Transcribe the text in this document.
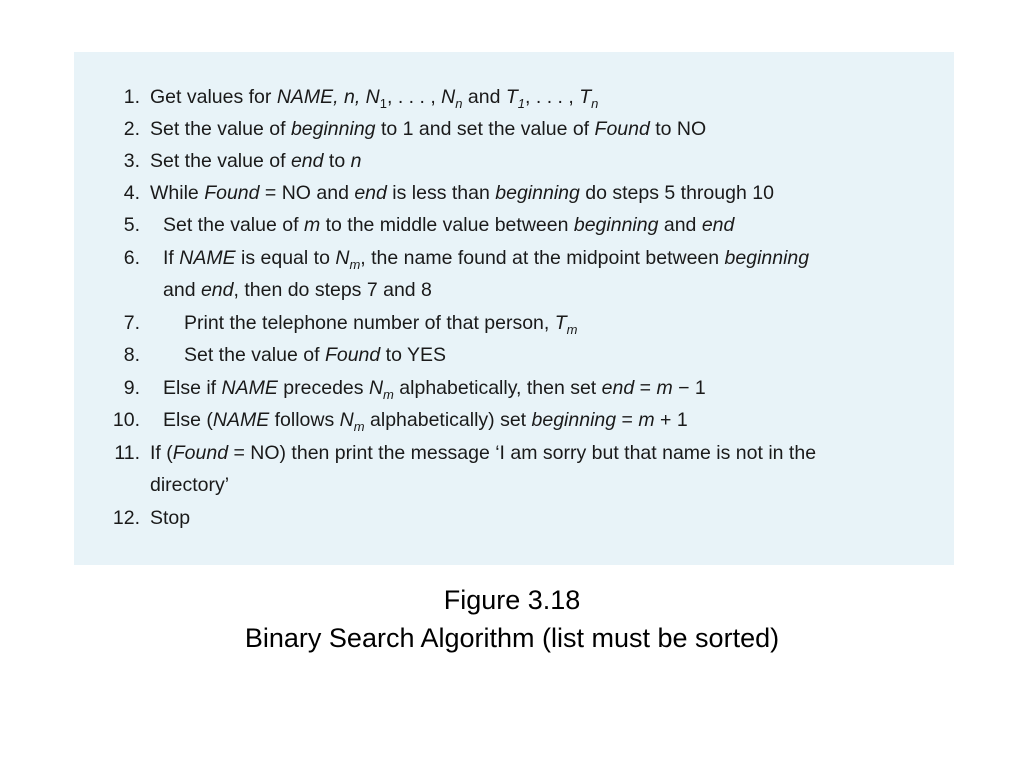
1. Get values for NAME, n, $N_1$, . . . , $N_n$ and $T_1$, . . . , $T_n$
2. Set the value of beginning to 1 and set the value of Found to NO
3. Set the value of end to n
4. While Found = NO and end is less than beginning do steps 5 through 10
5. Set the value of m to the middle value between beginning and end
6. If NAME is equal to $N_m$, the name found at the midpoint between beginning
and end, then do steps 7 and 8
7. Print the telephone number of that person, $T_m$
8. Set the value of Found to YES
9. Else if NAME precedes $N_m$ alphabetically, then set end = m − 1
10. Else (NAME follows $N_m$ alphabetically) set beginning = m + 1
11. If (Found = NO) then print the message ‘I am sorry but that name is not in the
directory’
12. Stop
Figure 3.18
Binary Search Algorithm (list must be sorted)
